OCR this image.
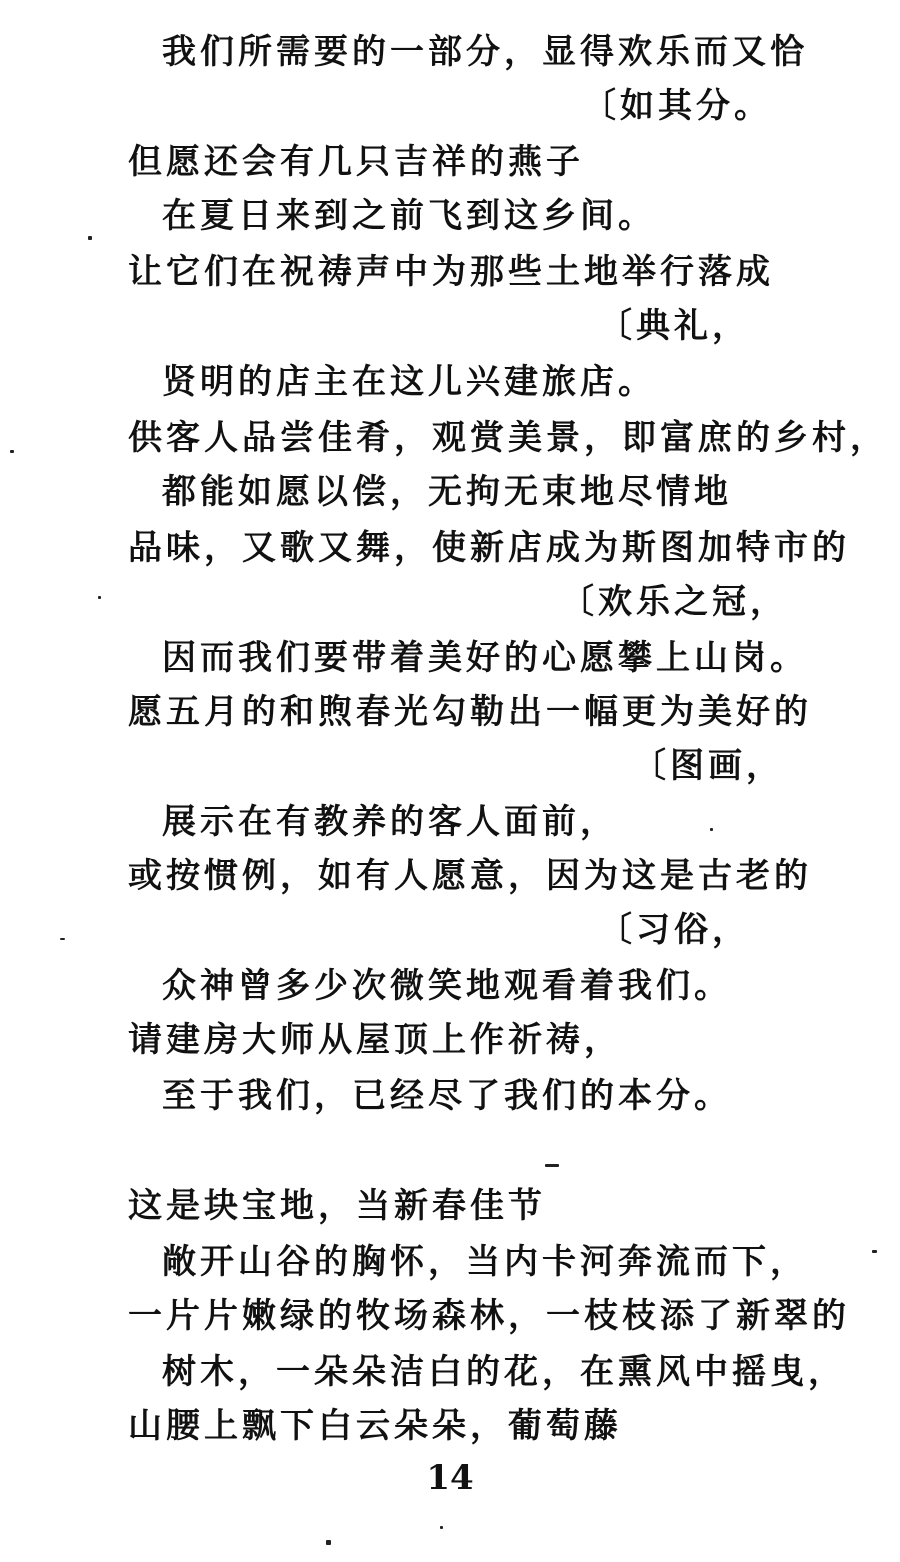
我们所需要的一部分，显得欢乐而又恰
〔如其分。
但愿还会有几只吉祥的燕子
在夏日来到之前飞到这乡间。
让它们在祝祷声中为那些土地举行落成
〔典礼，
贤明的店主在这儿兴建旅店。
供客人品尝佳肴，观赏美景，即富庶的乡村，
都能如愿以偿，无拘无束地尽情地
品味，又歌又舞，使新店成为斯图加特市的
〔欢乐之冠，
因而我们要带着美好的心愿攀上山岗。
愿五月的和煦春光勾勒出一幅更为美好的
〔图画，
展示在有教养的客人面前，
或按惯例，如有人愿意，因为这是古老的
〔习俗，
众神曾多少次微笑地观看着我们。
请建房大师从屋顶上作祈祷，
至于我们，已经尽了我们的本分。
这是块宝地，当新春佳节
敞开山谷的胸怀，当内卡河奔流而下，
一片片嫩绿的牧场森林，一枝枝添了新翠的
树木，一朵朵洁白的花，在熏风中摇曳，
山腰上飘下白云朵朵，葡萄藤
14
